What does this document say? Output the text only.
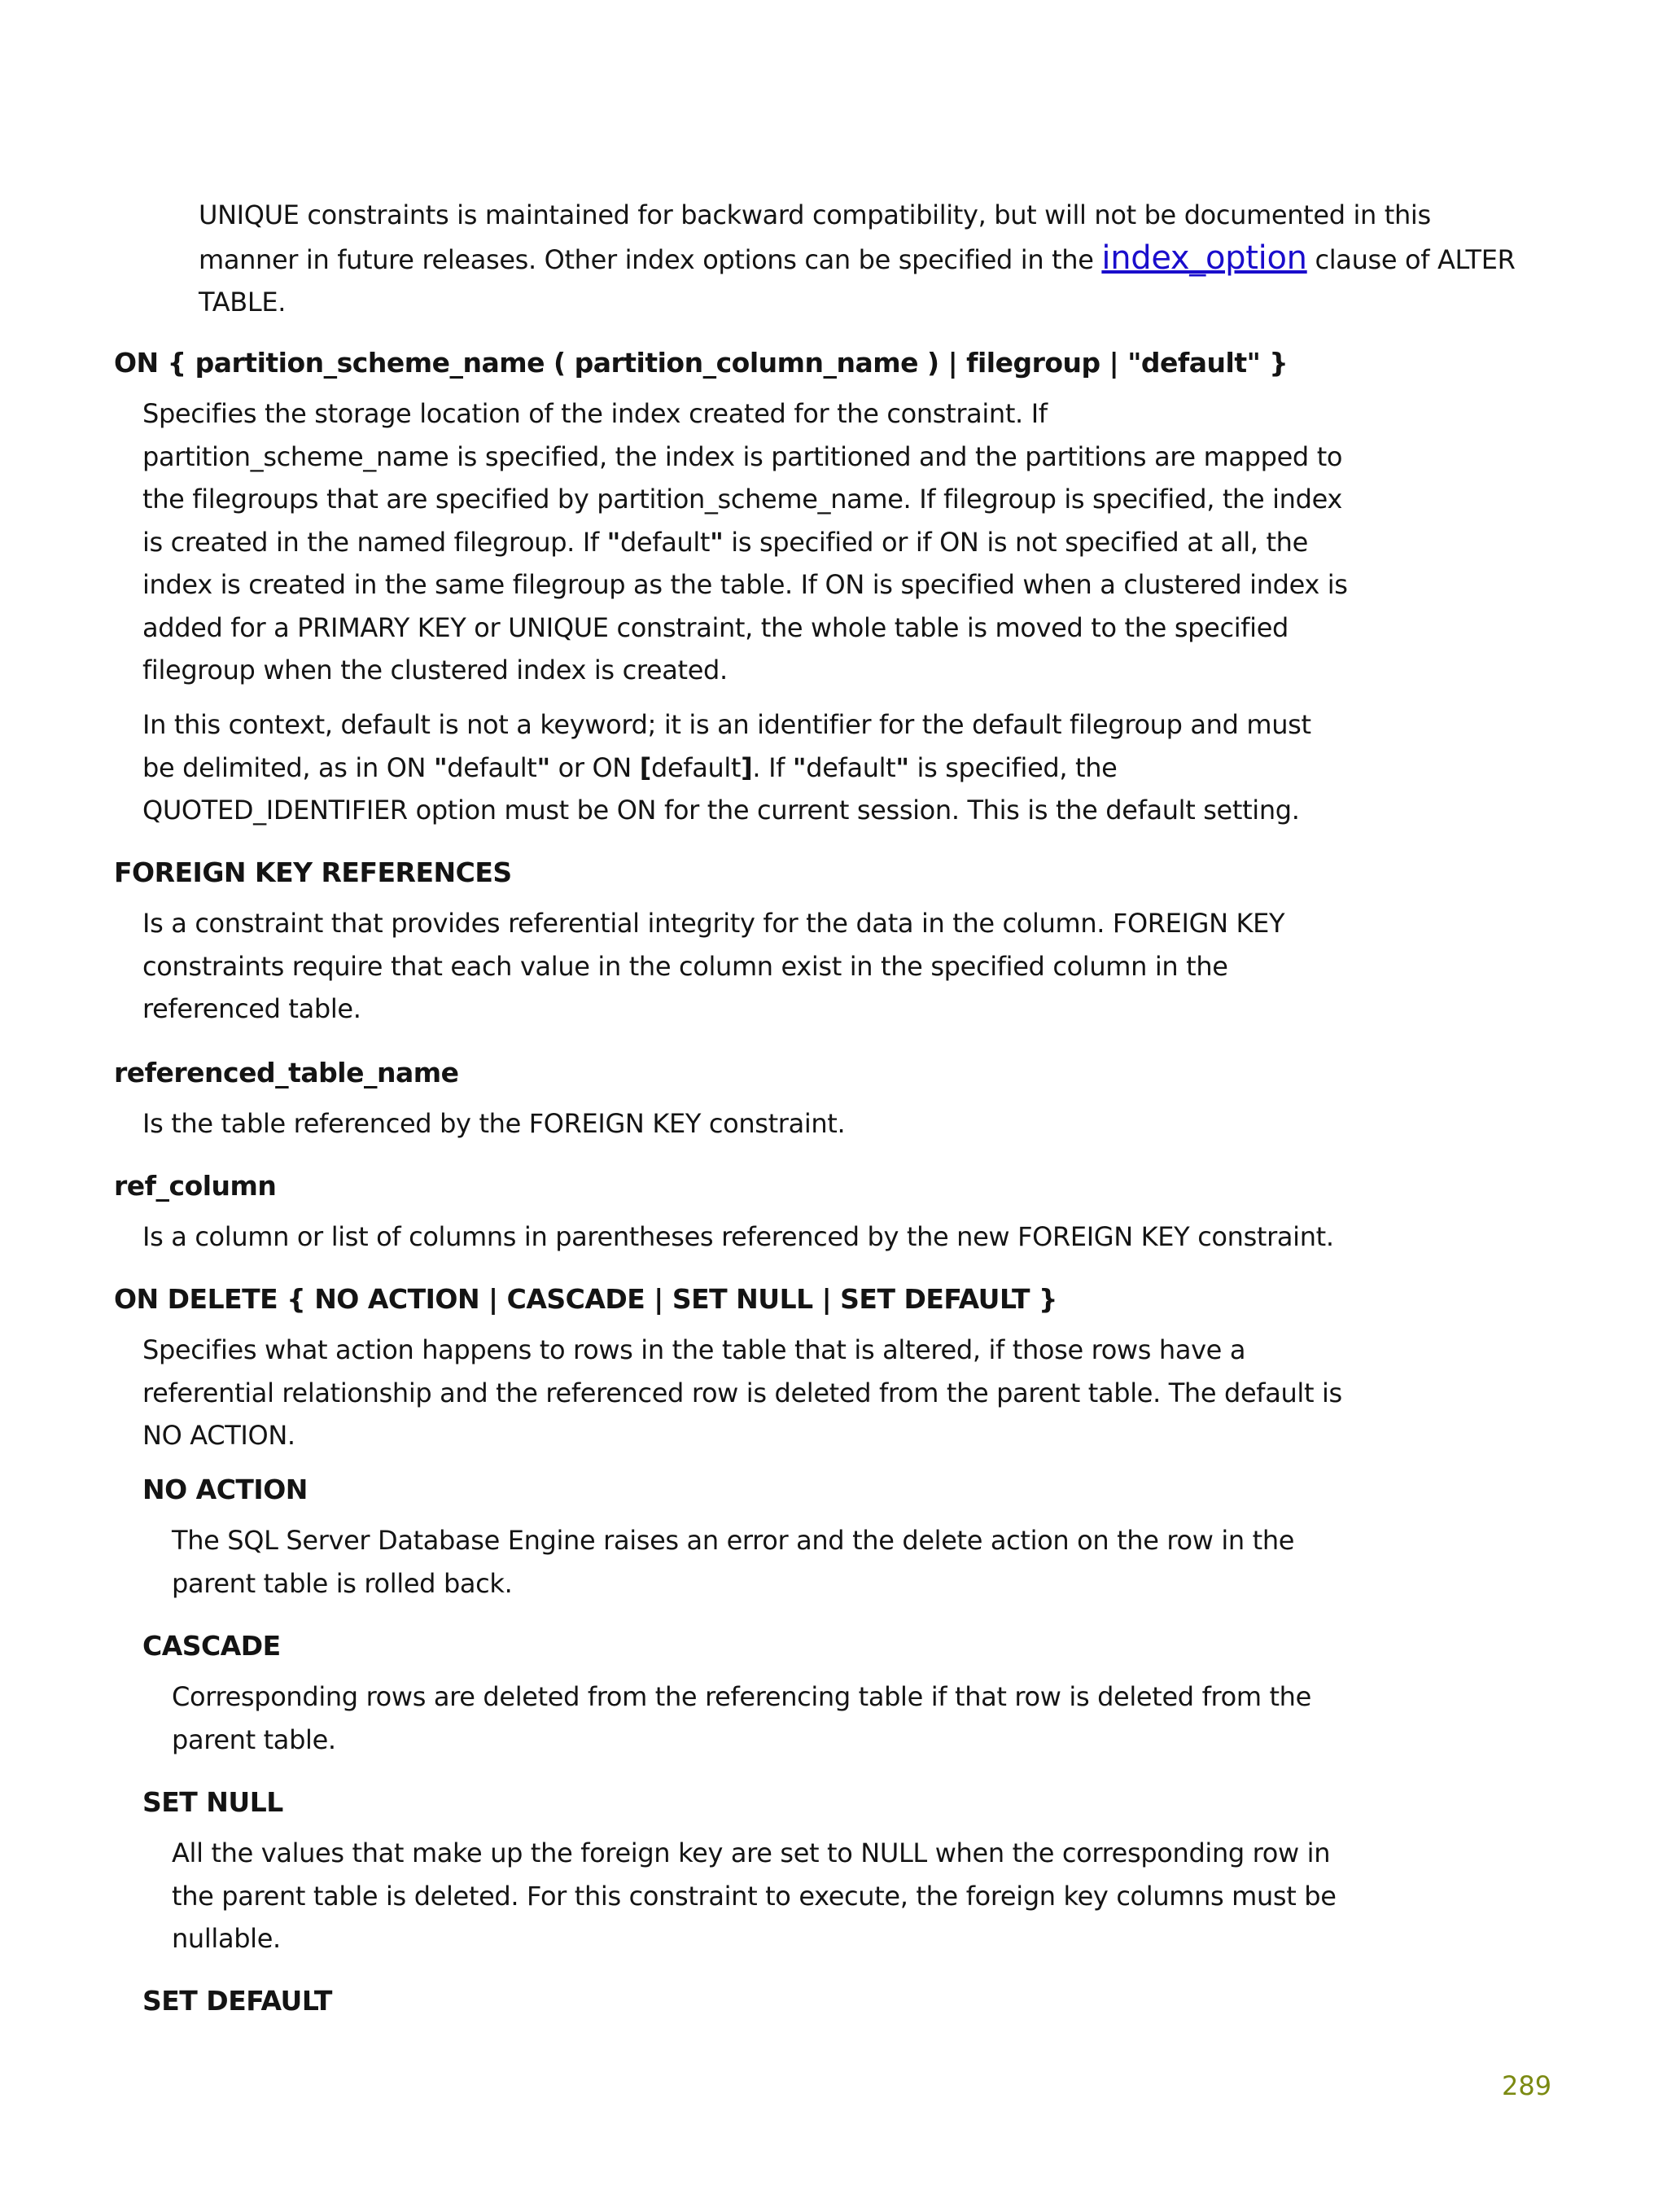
UNIQUE constraints is maintained for backward compatibility, but will not be documented in this
manner in future releases. Other index options can be specified in the index_option clause of ALTER
TABLE.
ON { partition_scheme_name ( partition_column_name ) | filegroup | "default" }
Specifies the storage location of the index created for the constraint. If
partition_scheme_name is specified, the index is partitioned and the partitions are mapped to
the filegroups that are specified by partition_scheme_name. If filegroup is specified, the index
is created in the named filegroup. If "default" is specified or if ON is not specified at all, the
index is created in the same filegroup as the table. If ON is specified when a clustered index is
added for a PRIMARY KEY or UNIQUE constraint, the whole table is moved to the specified
filegroup when the clustered index is created.
In this context, default is not a keyword; it is an identifier for the default filegroup and must
be delimited, as in ON "default" or ON [default]. If "default" is specified, the
QUOTED_IDENTIFIER option must be ON for the current session. This is the default setting.
FOREIGN KEY REFERENCES
Is a constraint that provides referential integrity for the data in the column. FOREIGN KEY
constraints require that each value in the column exist in the specified column in the
referenced table.
referenced_table_name
Is the table referenced by the FOREIGN KEY constraint.
ref_column
Is a column or list of columns in parentheses referenced by the new FOREIGN KEY constraint.
ON DELETE { NO ACTION | CASCADE | SET NULL | SET DEFAULT }
Specifies what action happens to rows in the table that is altered, if those rows have a
referential relationship and the referenced row is deleted from the parent table. The default is
NO ACTION.
NO ACTION
The SQL Server Database Engine raises an error and the delete action on the row in the
parent table is rolled back.
CASCADE
Corresponding rows are deleted from the referencing table if that row is deleted from the
parent table.
SET NULL
All the values that make up the foreign key are set to NULL when the corresponding row in
the parent table is deleted. For this constraint to execute, the foreign key columns must be
nullable.
SET DEFAULT
289
